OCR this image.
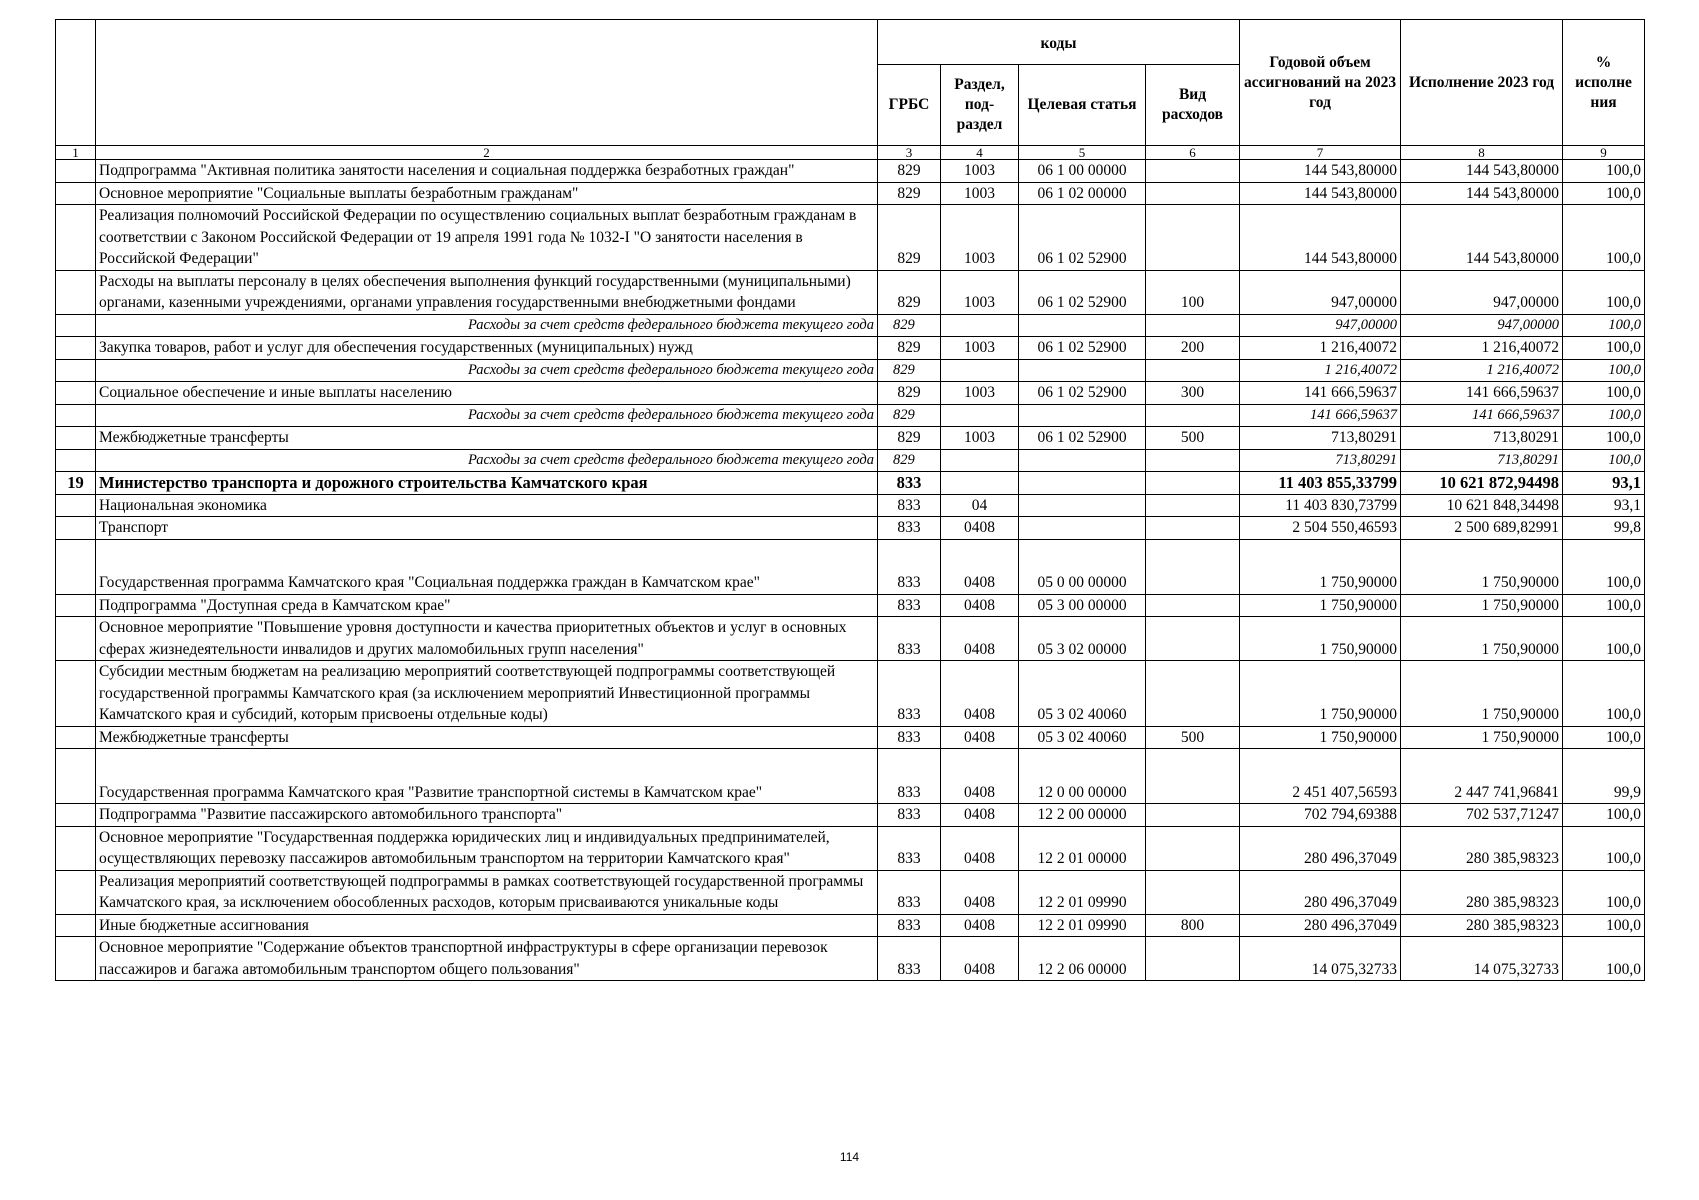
		коды				Годовой объем ассигнований на 2023 год	Исполнение 2023 год	% исполне ния
		ГРБС	Раздел, под-раздел	Целевая статья	Вид расходов			
1	2	3	4	5	6	7	8	9
	Подпрограмма "Активная политика занятости населения и социальная поддержка безработных граждан"	829	1003	06 1 00 00000		144 543,80000	144 543,80000	100,0
	Основное мероприятие "Социальные выплаты безработным гражданам"	829	1003	06 1 02 00000		144 543,80000	144 543,80000	100,0
	Реализация полномочий Российской Федерации по осуществлению социальных выплат безработным гражданам в соответствии с Законом Российской Федерации от 19 апреля 1991 года № 1032-I "О занятости населения в Российской Федерации"	829	1003	06 1 02 52900		144 543,80000	144 543,80000	100,0
	Расходы на выплаты персоналу в целях обеспечения выполнения функций государственными (муниципальными) органами, казенными учреждениями, органами управления государственными внебюджетными фондами	829	1003	06 1 02 52900	100	947,00000	947,00000	100,0
	Расходы за счет средств федерального бюджета текущего года	829				947,00000	947,00000	100,0
	Закупка товаров, работ и услуг для обеспечения государственных (муниципальных) нужд	829	1003	06 1 02 52900	200	1 216,40072	1 216,40072	100,0
	Расходы за счет средств федерального бюджета текущего года	829				1 216,40072	1 216,40072	100,0
	Социальное обеспечение и иные выплаты населению	829	1003	06 1 02 52900	300	141 666,59637	141 666,59637	100,0
	Расходы за счет средств федерального бюджета текущего года	829				141 666,59637	141 666,59637	100,0
	Межбюджетные трансферты	829	1003	06 1 02 52900	500	713,80291	713,80291	100,0
	Расходы за счет средств федерального бюджета текущего года	829				713,80291	713,80291	100,0
19	Министерство транспорта и дорожного строительства Камчатского края	833				11 403 855,33799	10 621 872,94498	93,1
	Национальная экономика	833	04			11 403 830,73799	10 621 848,34498	93,1
	Транспорт	833	0408			2 504 550,46593	2 500 689,82991	99,8
	Государственная программа Камчатского края "Социальная поддержка граждан в Камчатском крае"	833	0408	05 0 00 00000		1 750,90000	1 750,90000	100,0
	Подпрограмма "Доступная среда в Камчатском крае"	833	0408	05 3 00 00000		1 750,90000	1 750,90000	100,0
	Основное мероприятие "Повышение уровня доступности и качества приоритетных объектов и услуг в основных сферах жизнедеятельности инвалидов и других маломобильных групп населения"	833	0408	05 3 02 00000		1 750,90000	1 750,90000	100,0
	Субсидии местным бюджетам на реализацию мероприятий соответствующей подпрограммы соответствующей государственной программы Камчатского края (за исключением мероприятий Инвестиционной программы Камчатского края и субсидий, которым присвоены отдельные коды)	833	0408	05 3 02 40060		1 750,90000	1 750,90000	100,0
	Межбюджетные трансферты	833	0408	05 3 02 40060	500	1 750,90000	1 750,90000	100,0
	Государственная программа Камчатского края "Развитие транспортной системы в Камчатском крае"	833	0408	12 0 00 00000		2 451 407,56593	2 447 741,96841	99,9
	Подпрограмма "Развитие пассажирского автомобильного транспорта"	833	0408	12 2 00 00000		702 794,69388	702 537,71247	100,0
	Основное мероприятие "Государственная поддержка юридических лиц и индивидуальных предпринимателей, осуществляющих перевозку пассажиров автомобильным транспортом на территории Камчатского края"	833	0408	12 2 01 00000		280 496,37049	280 385,98323	100,0
	Реализация мероприятий соответствующей подпрограммы в рамках соответствующей государственной программы Камчатского края, за исключением обособленных расходов, которым присваиваются уникальные коды	833	0408	12 2 01 09990		280 496,37049	280 385,98323	100,0
	Иные бюджетные ассигнования	833	0408	12 2 01 09990	800	280 496,37049	280 385,98323	100,0
	Основное мероприятие "Содержание объектов транспортной инфраструктуры в сфере организации перевозок пассажиров и багажа автомобильным транспортом общего пользования"	833	0408	12 2 06 00000		14 075,32733	14 075,32733	100,0
114
